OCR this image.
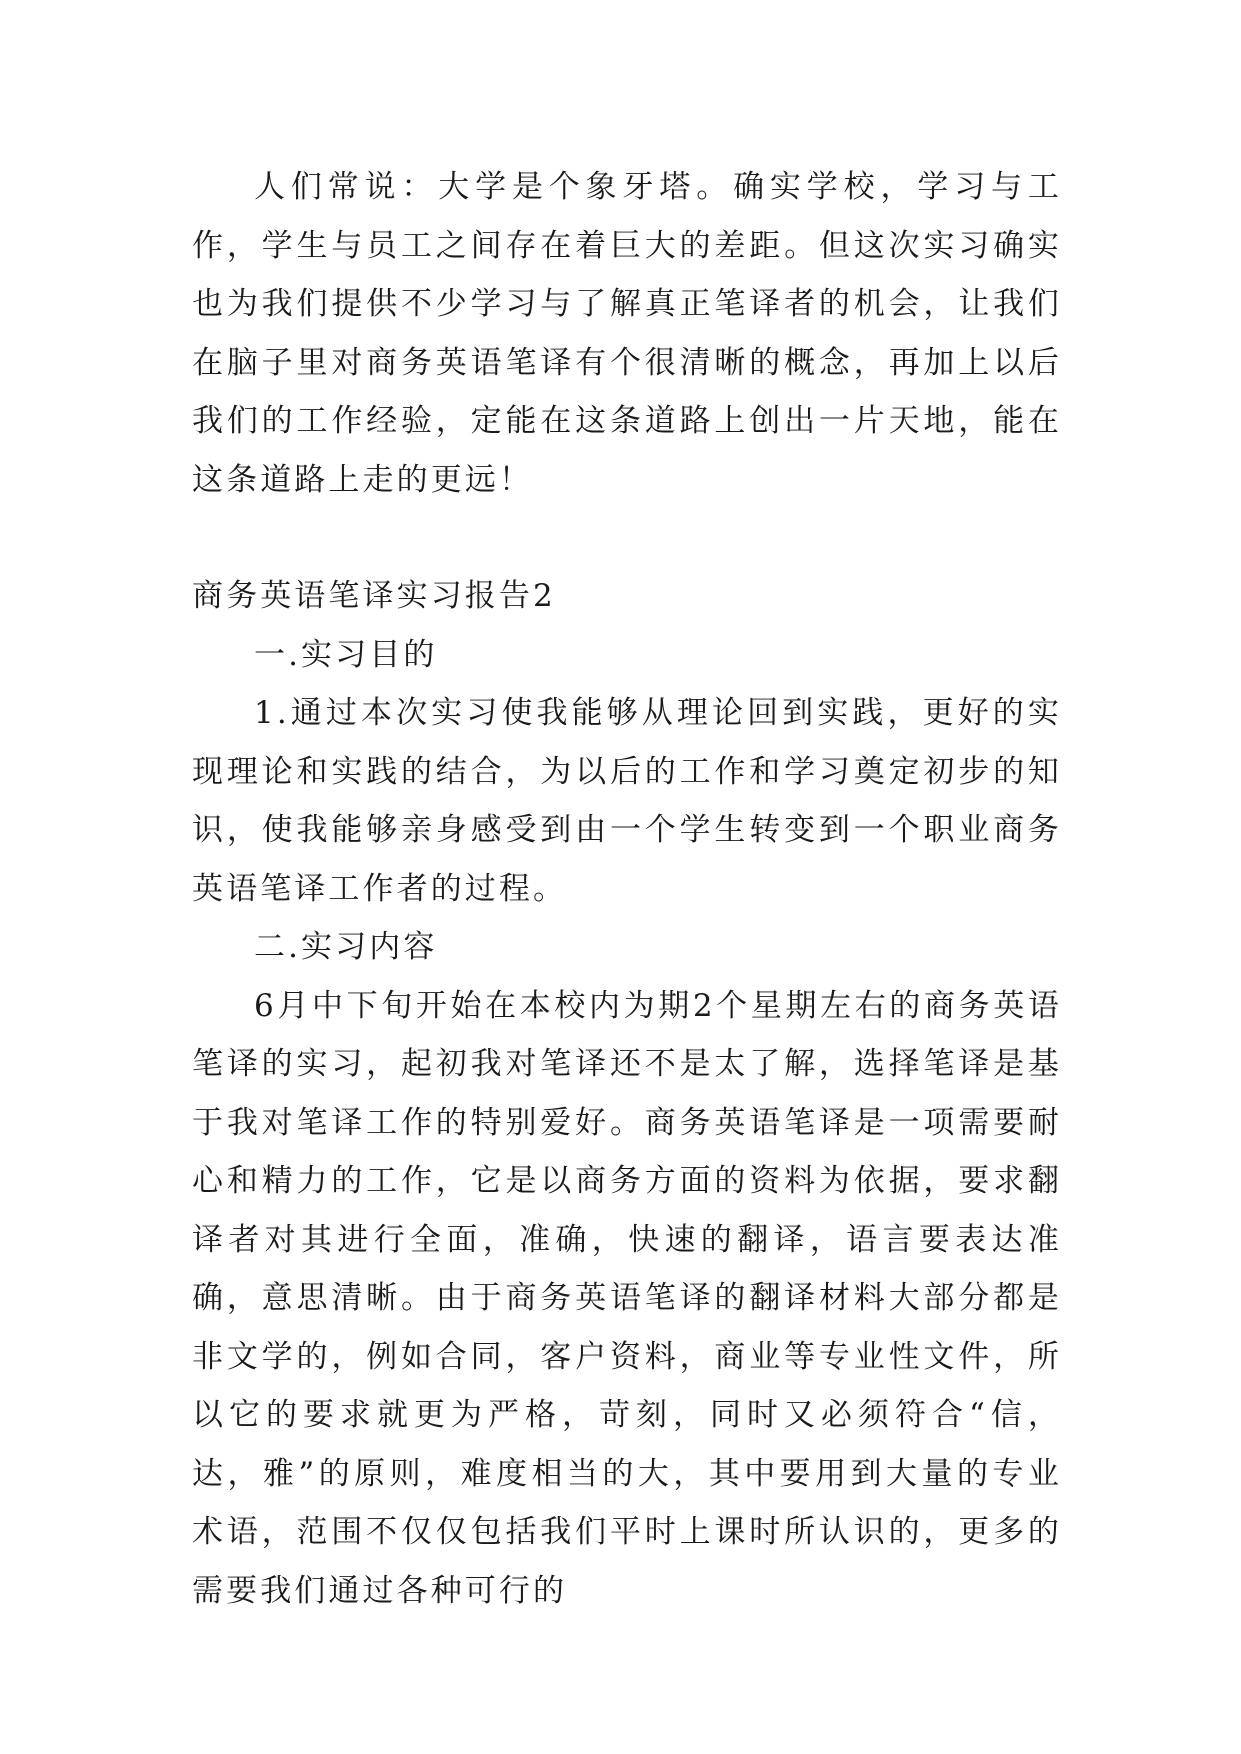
人们常说：大学是个象牙塔。确实学校，学习与工作，学生与员工之间存在着巨大的差距。但这次实习确实也为我们提供不少学习与了解真正笔译者的机会，让我们在脑子里对商务英语笔译有个很清晰的概念，再加上以后我们的工作经验，定能在这条道路上创出一片天地，能在这条道路上走的更远！

商务英语笔译实习报告2

一.实习目的

1.通过本次实习使我能够从理论回到实践，更好的实现理论和实践的结合，为以后的工作和学习奠定初步的知识，使我能够亲身感受到由一个学生转变到一个职业商务英语笔译工作者的过程。

二.实习内容

6月中下旬开始在本校内为期2个星期左右的商务英语笔译的实习，起初我对笔译还不是太了解，选择笔译是基于我对笔译工作的特别爱好。商务英语笔译是一项需要耐心和精力的工作，它是以商务方面的资料为依据，要求翻译者对其进行全面，准确，快速的翻译，语言要表达准确，意思清晰。由于商务英语笔译的翻译材料大部分都是非文学的，例如合同，客户资料，商业等专业性文件，所以它的要求就更为严格，苛刻，同时又必须符合“信，达，雅”的原则，难度相当的大，其中要用到大量的专业术语，范围不仅仅包括我们平时上课时所认识的，更多的需要我们通过各种可行的
